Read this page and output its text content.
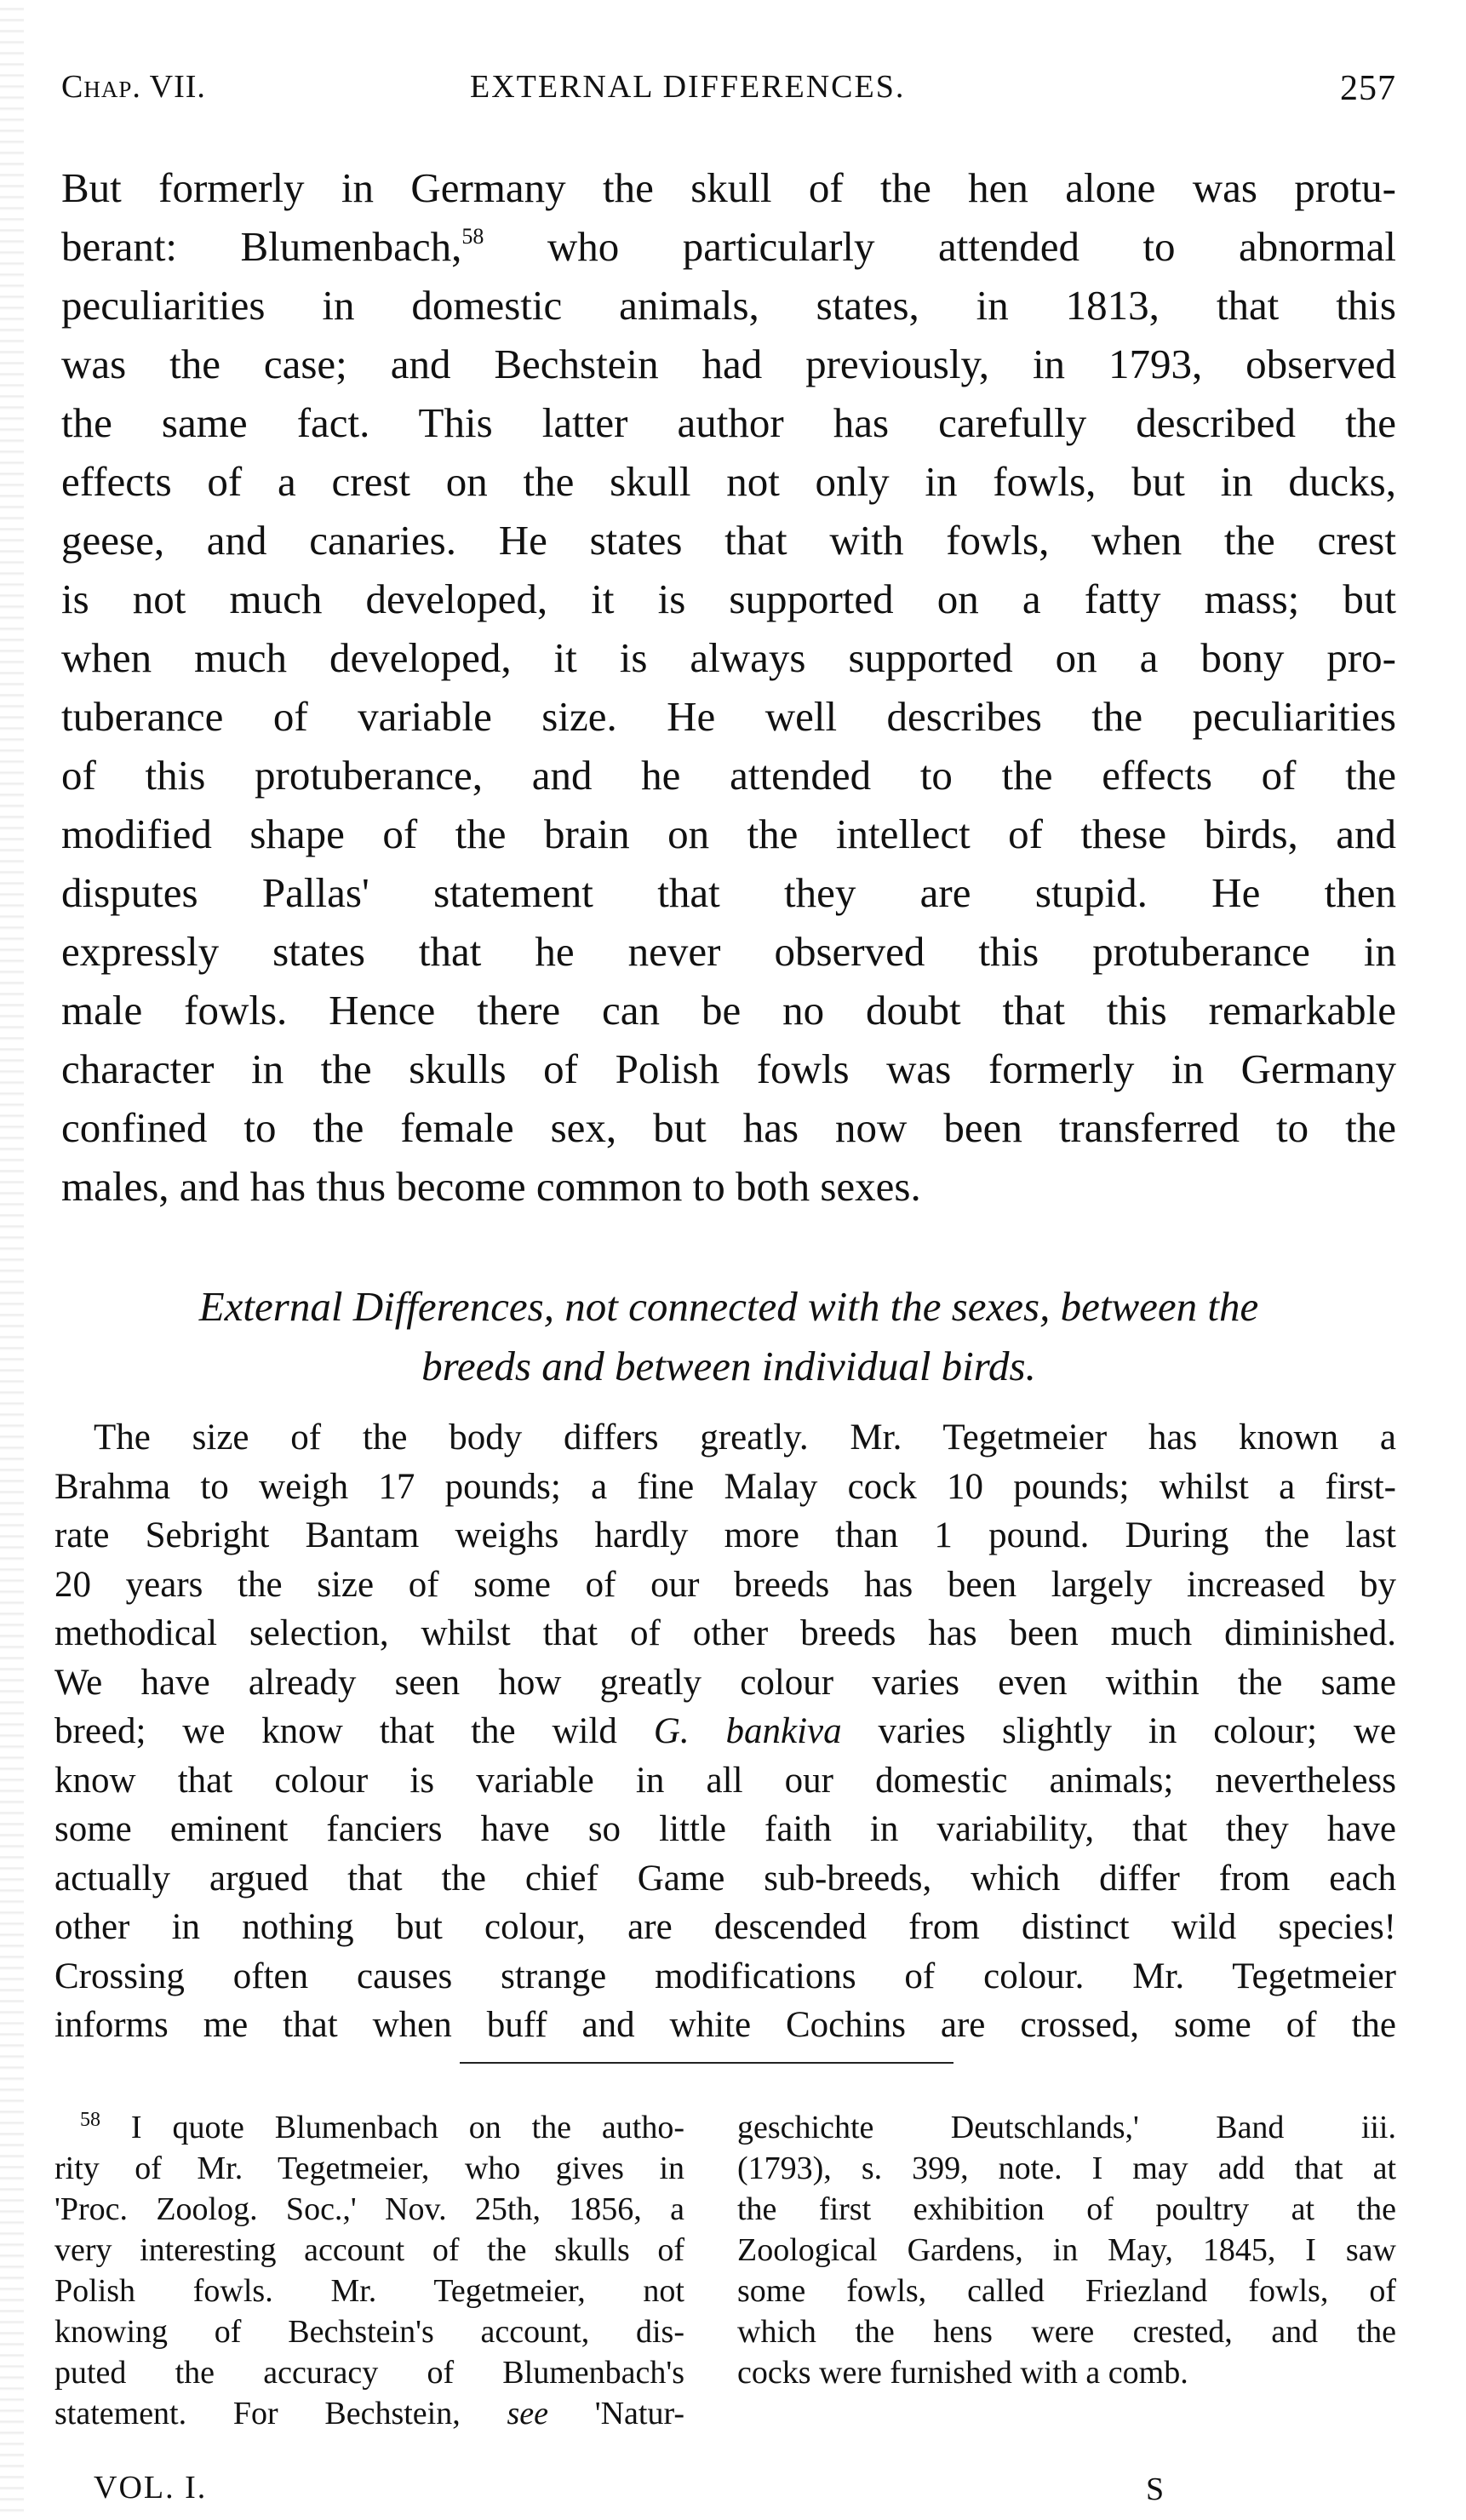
Chap. VII.	EXTERNAL DIFFERENCES.	257
But formerly in Germany the skull of the hen alone was protu-
berant: Blumenbach,$^{58}$ who particularly attended to abnormal
peculiarities in domestic animals, states, in 1813, that this
was the case; and Bechstein had previously, in 1793, observed
the same fact. This latter author has carefully described the
effects of a crest on the skull not only in fowls, but in ducks,
geese, and canaries. He states that with fowls, when the crest
is not much developed, it is supported on a fatty mass; but
when much developed, it is always supported on a bony pro-
tuberance of variable size. He well describes the peculiarities
of this protuberance, and he attended to the effects of the
modified shape of the brain on the intellect of these birds, and
disputes Pallas' statement that they are stupid. He then
expressly states that he never observed this protuberance in
male fowls. Hence there can be no doubt that this remarkable
character in the skulls of Polish fowls was formerly in Germany
confined to the female sex, but has now been transferred to the
males, and has thus become common to both sexes.
External Differences, not connected with the sexes, between the
breeds and between individual birds.
The size of the body differs greatly. Mr. Tegetmeier has known a
Brahma to weigh 17 pounds; a fine Malay cock 10 pounds; whilst a first-
rate Sebright Bantam weighs hardly more than 1 pound. During the last
20 years the size of some of our breeds has been largely increased by
methodical selection, whilst that of other breeds has been much diminished.
We have already seen how greatly colour varies even within the same
breed; we know that the wild G. bankiva varies slightly in colour; we
know that colour is variable in all our domestic animals; nevertheless
some eminent fanciers have so little faith in variability, that they have
actually argued that the chief Game sub-breeds, which differ from each
other in nothing but colour, are descended from distinct wild species!
Crossing often causes strange modifications of colour. Mr. Tegetmeier
informs me that when buff and white Cochins are crossed, some of the
$^{58}$ I quote Blumenbach on the autho-
rity of Mr. Tegetmeier, who gives in
'Proc. Zoolog. Soc.,' Nov. 25th, 1856, a
very interesting account of the skulls of
Polish fowls. Mr. Tegetmeier, not
knowing of Bechstein's account, dis-
puted the accuracy of Blumenbach's
statement. For Bechstein, see 'Natur-
geschichte Deutschlands,' Band iii.
(1793), s. 399, note. I may add that at
the first exhibition of poultry at the
Zoological Gardens, in May, 1845, I saw
some fowls, called Friezland fowls, of
which the hens were crested, and the
cocks were furnished with a comb.
VOL. I.	S
